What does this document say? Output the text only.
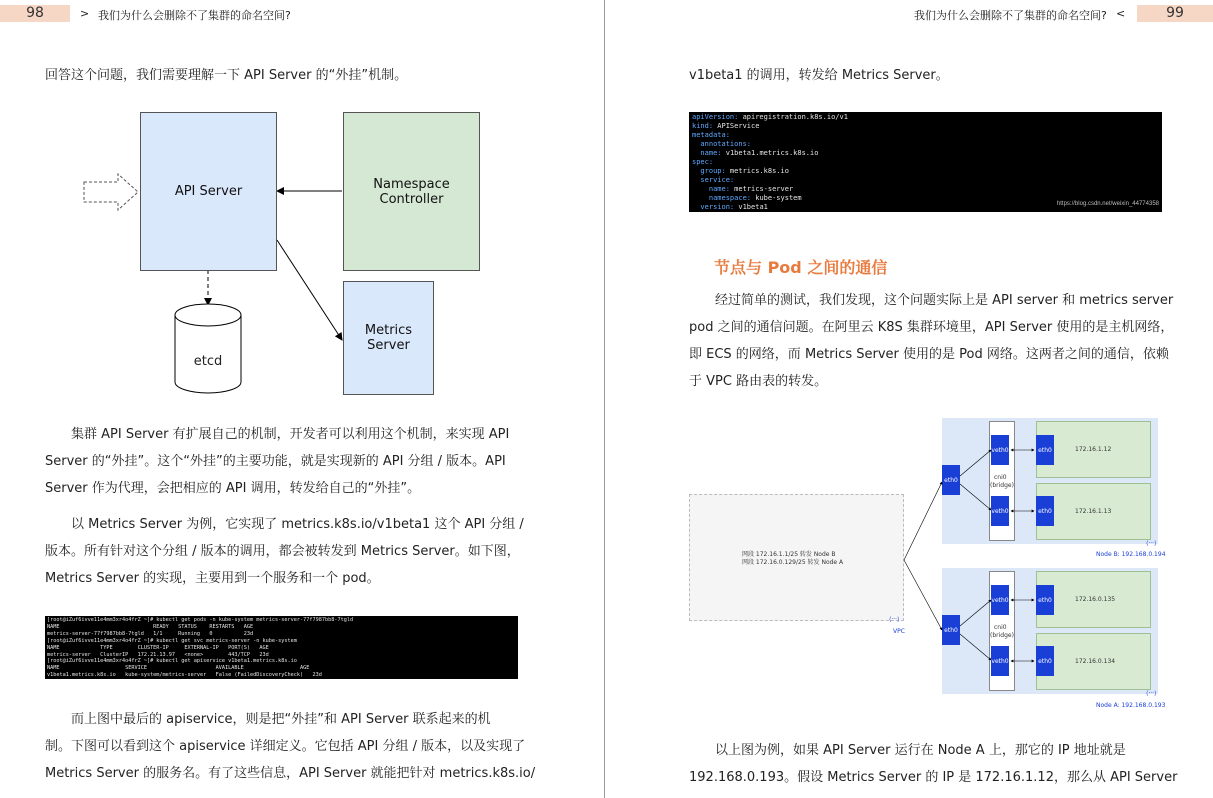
98	> 我们为什么会删除不了集群的命名空间?
回答这个问题，我们需要理解一下 API Server 的“外挂”机制。
API Server	Namespace
Controller
Metrics
Server
etcd
　　集群 API Server 有扩展自己的机制，开发者可以利用这个机制，来实现 API
Server 的“外挂”。这个“外挂”的主要功能，就是实现新的 API 分组 / 版本。API
Server 作为代理，会把相应的 API 调用，转发给自己的“外挂”。
　　以 Metrics Server 为例，它实现了 metrics.k8s.io/v1beta1 这个 API 分组 /
版本。所有针对这个分组 / 版本的调用，都会被转发到 Metrics Server。如下图，
Metrics Server 的实现，主要用到一个服务和一个 pod。
[root@iZuf6ivve11e4mm3xr4o4frZ ~]# kubectl get pods -n kube-system metrics-server-77f7987bb8-7tgld
NAME                              READY   STATUS    RESTARTS   AGE
metrics-server-77f7987bb8-7tgld   1/1     Running   0          23d
[root@iZuf6ivve11e4mm3xr4o4frZ ~]# kubectl get svc metrics-server -n kube-system
NAME             TYPE        CLUSTER-IP     EXTERNAL-IP   PORT(S)   AGE
metrics-server   ClusterIP   172.21.13.97   <none>        443/TCP   23d
[root@iZuf6ivve11e4mm3xr4o4frZ ~]# kubectl get apiservice v1beta1.metrics.k8s.io
NAME                     SERVICE                      AVAILABLE                  AGE
v1beta1.metrics.k8s.io   kube-system/metrics-server   False (FailedDiscoveryCheck)   23d
　　而上图中最后的 apiservice，则是把“外挂”和 API Server 联系起来的机
制。下图可以看到这个 apiservice 详细定义。它包括 API 分组 / 版本，以及实现了
Metrics Server 的服务名。有了这些信息，API Server 就能把针对 metrics.k8s.io/
我们为什么会删除不了集群的命名空间? <	99
v1beta1 的调用，转发给 Metrics Server。
apiVersion: apiregistration.k8s.io/v1
kind: APIService
metadata:
annotations:
name: v1beta1.metrics.k8s.io
spec:
group: metrics.k8s.io
service:
name: metrics-server
namespace: kube-system
version: v1beta1	https://blog.csdn.net/weixin_44774358
节点与 Pod 之间的通信
　　经过简单的测试，我们发现，这个问题实际上是 API server 和 metrics server
pod 之间的通信问题。在阿里云 K8S 集群环境里，API Server 使用的是主机网络，
即 ECS 的网络，而 Metrics Server 使用的是 Pod 网络。这两者之间的通信，依赖
于 VPC 路由表的转发。
网段 172.16.1.1/25 转发 Node B
网段 172.16.0.129/25 转发 Node A
⟨···⟩
VPC
eth0	cni0
(bridge)
veth0
veth0
172.16.1.12
172.16.1.13
eth0
eth0
⟨···⟩
Node B: 192.168.0.194
eth0	cni0
(bridge)
veth0
veth0
172.16.0.135
172.16.0.134
eth0
eth0
⟨···⟩
Node A: 192.168.0.193
　　以上图为例，如果 API Server 运行在 Node A 上，那它的 IP 地址就是
192.168.0.193。假设 Metrics Server 的 IP 是 172.16.1.12，那么从 API Server
